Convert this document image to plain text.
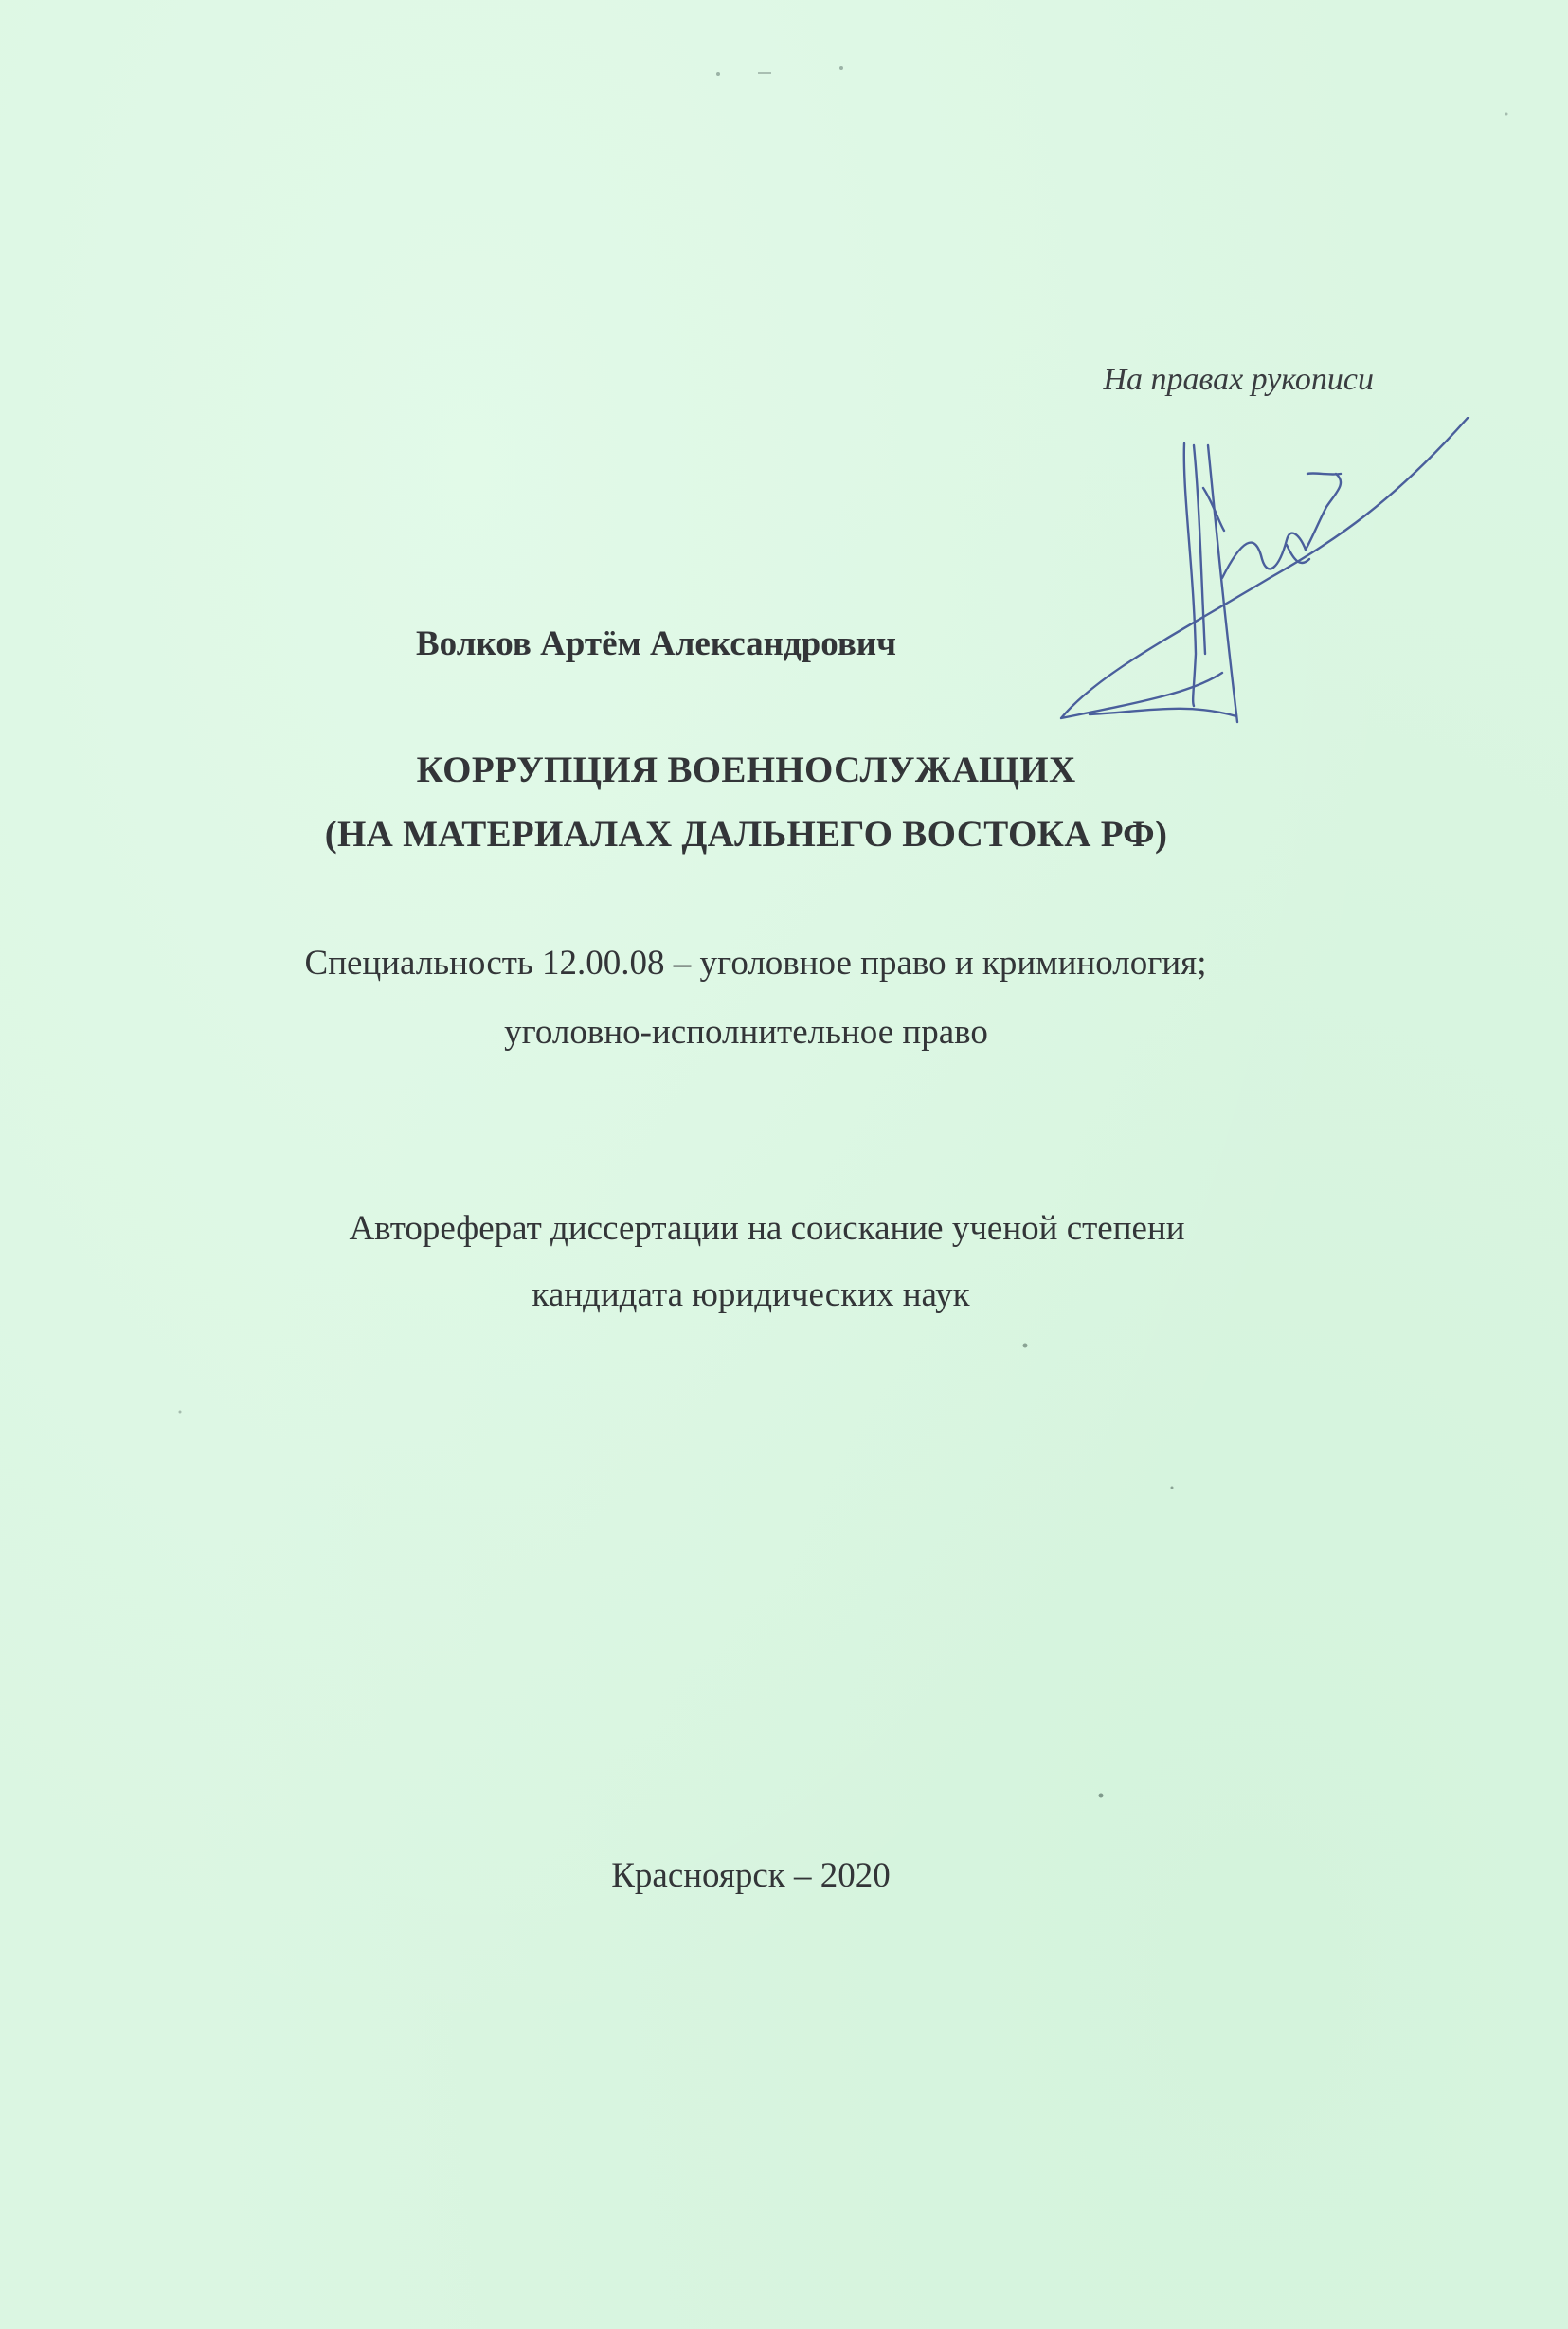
На правах рукописи
Волков Артём Александрович
КОРРУПЦИЯ ВОЕННОСЛУЖАЩИХ
(НА МАТЕРИАЛАХ ДАЛЬНЕГО ВОСТОКА РФ)
Специальность 12.00.08 – уголовное право и криминология;
уголовно-исполнительное право
Автореферат диссертации на соискание ученой степени
кандидата юридических наук
Красноярск – 2020
